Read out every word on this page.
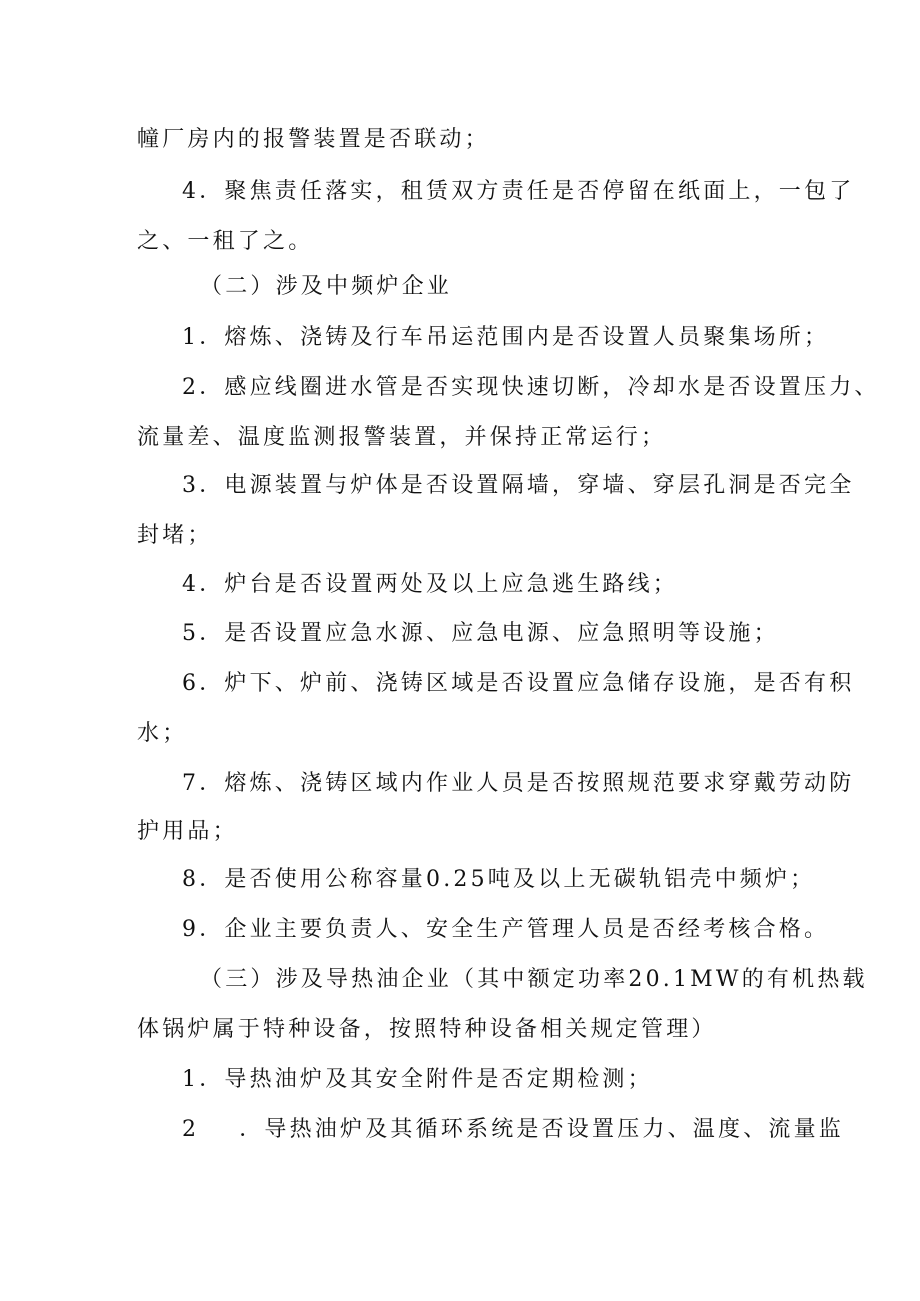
幢厂房内的报警装置是否联动；
4．聚焦责任落实，租赁双方责任是否停留在纸面上，一包了
之、一租了之。
（二）涉及中频炉企业
1．熔炼、浇铸及行车吊运范围内是否设置人员聚集场所；
2．感应线圈进水管是否实现快速切断，冷却水是否设置压力、
流量差、温度监测报警装置，并保持正常运行；
3．电源装置与炉体是否设置隔墙，穿墙、穿层孔洞是否完全
封堵；
4．炉台是否设置两处及以上应急逃生路线；
5．是否设置应急水源、应急电源、应急照明等设施；
6．炉下、炉前、浇铸区域是否设置应急储存设施，是否有积
水；
7．熔炼、浇铸区域内作业人员是否按照规范要求穿戴劳动防
护用品；
8．是否使用公称容量0.25吨及以上无碳轨铝壳中频炉；
9．企业主要负责人、安全生产管理人员是否经考核合格。
（三）涉及导热油企业（其中额定功率20.1MW的有机热载
体锅炉属于特种设备，按照特种设备相关规定管理）
1．导热油炉及其安全附件是否定期检测；
2 ．导热油炉及其循环系统是否设置压力、温度、流量监
